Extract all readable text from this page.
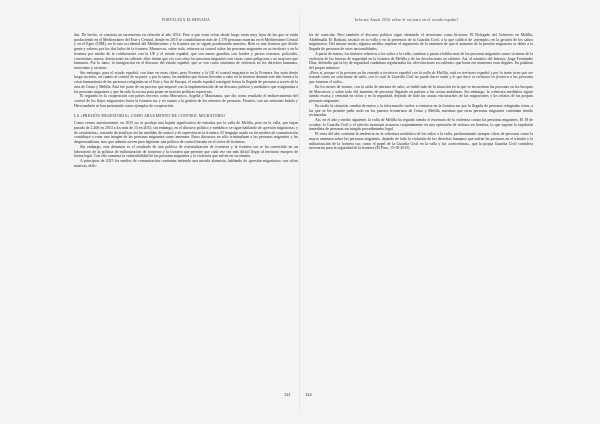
FORTALEZA ELIMINADA

das. De hecho, se constata un incremento en relación al año 2014. Pese a que estas cifras desde luego están muy lejos de las que se están produciendo en el Mediterráneo del Este y Central, donde en 2015 se contabilizaron más de 1.170 personas muertas en el Mediterráneo Central y en el Egeo (OIM), en la ruta occidental del Mediterráneo y la frontera sur se siguen produciendo muertes. Bien es una frontera que divide gente y valores por los dos lados de la frontera. Marruecos, sobre todo, refuerza su control sobre las personas migrantes en su territorio y en la frontera por medio de la colaboración con la UE y el estado español, que son meras guardias con fondos y pactos externos, policiales, concertinas, muros, detenciones en caliente, ellas tienen que ver con cómo las personas migrantes son vistas como peligrosas y no mayores que humanos. Por lo tanto, la inmigración en el discurso del estado español, que se ven como sinónimo de violencia en los derechos humanos, terrorismo y racismo.

Sin embargo, para el estado español, con base en estas cifras, pero Frontex y la UE el control migratorio en la Frontera Sur sería desde luego un éxito, en cuanto al control de su parte, y por lo tanto, las medidas que fueron llevadas a cabo en la frontera durante este año frente a la crisis humanitaria de las personas refugiadas en el Este y Sur de Europa, el estado español consiguió frenar la llegada de personas a través de la ruta de Ceuta y Melilla. Está fue parte de un proceso que empezó con la implementación de un discurso político y mediático que estigmatiza a las personas migrantes y que ha sido la excusa para poner en marcha políticas represivas.

El segundo es la cooperación con países terceros como Marruecos, Argelia y Mauritania, que dio como resultado el endurecimiento del control de los flujos migratorios hacia la frontera sur y en cuanto a la gestión de los retornos de personas. Frontex, con sus misiones Indalo y Hera también se han presentado como ejemplos de cooperación.

LA «PRESIÓN MIGRATORIA» COMO ARGUMENTO DE CONTROL MIGRATORIO

Como vemos anteriormente, en 2015 no se produjo una bajada significativa de entradas por la valla de Melilla, pero en la valla, que bajan pasado de 2.200 en 2014 a los más de 13 en 2015, sin embargo, en el discurso político y mediático se sigue hablando de «presión migratoria» y de «avalancha», tratando de justificar así las medidas de control y de represión en la frontera. El lenguaje usado en los medios de comunicación contribuye a crear una imagen de las personas migrantes como amenaza. Estos discursos no sólo criminalizan a las personas migrantes y las despersonalizan, sino que además sirven para legitimar una política de control basada en el cierre de fronteras.

Sin embargo, esta denuncia es el resultado de una política de externalización de fronteras y la frontera sur se ha convertido en un laboratorio de la política de militarización de fronteras y la frontera que permite que cada vez sea más difícil llegar al territorio europeo de forma legal. Con ello aumenta la vulnerabilidad de las personas migrantes y la violencia que sufren en su tránsito.

A principios de 2015 los medios de comunicación continúan teniendo una mirada alarmista, hablando de «presión migratoria» con cifras masivas, difíc-

Informe Anual 2016 sobre el racismo en el estado español

les de controlar. Pero también el discurso político sigue alentando el terrorismo como hicieron: El Delegado del Gobierno en Melilla, Abdelmalik El Barkani, insistió en la valla y en la presencia de la Guardia Civil, a la que calificó de «ejemplo» en la gestión de los saltos migratorios. Del mismo modo, algunos medios repetían el argumento de la amenaza de que el aumento de la presión migratoria se debía a la llegada de personas de otras nacionalidades.

A partir de marzo, los titulares relativos a los saltos a la valla, cambian y pasan a hablar más de las personas migrantes como víctimas de la violencia de las fuerzas de seguridad en la frontera de Melilla y de las devoluciones en caliente. Así, el ministro del Interior, Jorge Fernández Díaz, defendía que la ley de seguridad ciudadana regularizaba las «devoluciones en caliente» que hasta ese momento eran ilegales. En palabras del propio ministro:

«Pues sí, porque si la persona ya ha entrado a territorio español con la valla de Melilla, está en territorio español y por lo tanto tiene que ser tratado como un solicitante de asilo, con lo cual la Guardia Civil no puede hacer nada y lo que hace es rechazar en frontera a las personas que intentan el salto».

En los meses de verano, con la caída de intentos de salto, se habló más de la situación en la que se encuentran las personas en los bosques de Marruecos y sobre todo del aumento de personas llegando en pateras a las costas andaluzas. Sin embargo, la cobertura mediática siguió siendo escasa y centrada en cifras y en la seguridad, dejando de lado las causas estructurales de las migraciones y los relatos de las propias personas migrantes.

En otoño la situación cambia de nuevo y la información vuelve a centrarse en la frontera sur por la llegada de personas refugiadas sirias, a las que se les permite pedir asilo en los puestos fronterizos de Ceuta y Melilla, mientras que otras personas migrantes continúan siendo rechazadas.

Así, en el año y medio siguiente, la valla de Melilla ha seguido siendo el escenario de la violencia contra las personas migrantes. El 18 de octubre, la Guardia Civil y el ejército marroquí actuaron conjuntamente en una operación de rechazo en frontera, lo que supone la expulsión inmediata de personas sin ningún procedimiento legal.

El resto del año continúa la tendencia en la cobertura mediática de los saltos a la valla, predominando siempre cifras de personas como la mayor amenaza sobre las personas migrantes, dejando de lado la violación de los derechos humanos que sufren las personas en el tránsito y la militarización de la frontera sur, como el papel de la Guardia Civil en la valla y las «concertinas», que la propia Guardia Civil considera necesarias para la seguridad de la frontera (El Faro, 15-10-2015).

121	122
